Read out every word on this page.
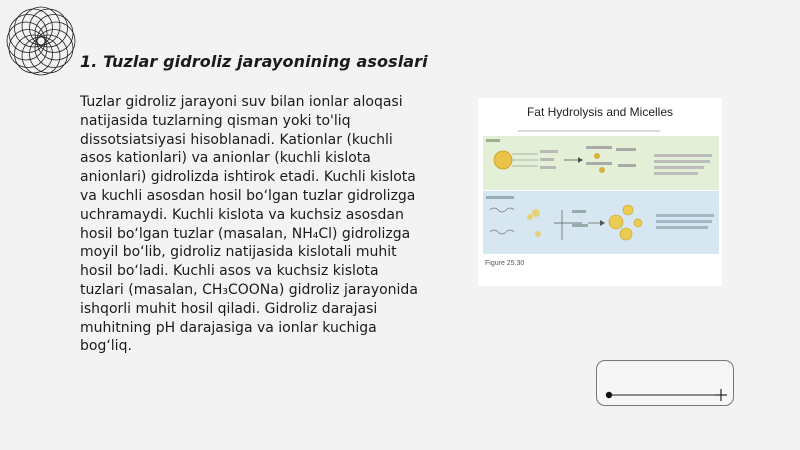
1. Tuzlar gidroliz jarayonining asoslari
Tuzlar gidroliz jarayoni suv bilan ionlar aloqasi natijasida tuzlarning qisman yoki to'liq dissotsiatsiyasi hisoblanadi. Kationlar (kuchli asos kationlari) va anionlar (kuchli kislota anionlari) gidrolizda ishtirok etadi. Kuchli kislota va kuchli asosdan hosil bo‘lgan tuzlar gidrolizga uchramaydi. Kuchli kislota va kuchsiz asosdan hosil bo‘lgan tuzlar (masalan, NH₄Cl) gidrolizga moyil bo‘lib, gidroliz natijasida kislotali muhit hosil bo‘ladi. Kuchli asos va kuchsiz kislota tuzlari (masalan, CH₃COONa) gidroliz jarayonida ishqorli muhit hosil qiladi. Gidroliz darajasi muhitning pH darajasiga va ionlar kuchiga bog‘liq.
Fat Hydrolysis and Micelles
Figure 25.30
